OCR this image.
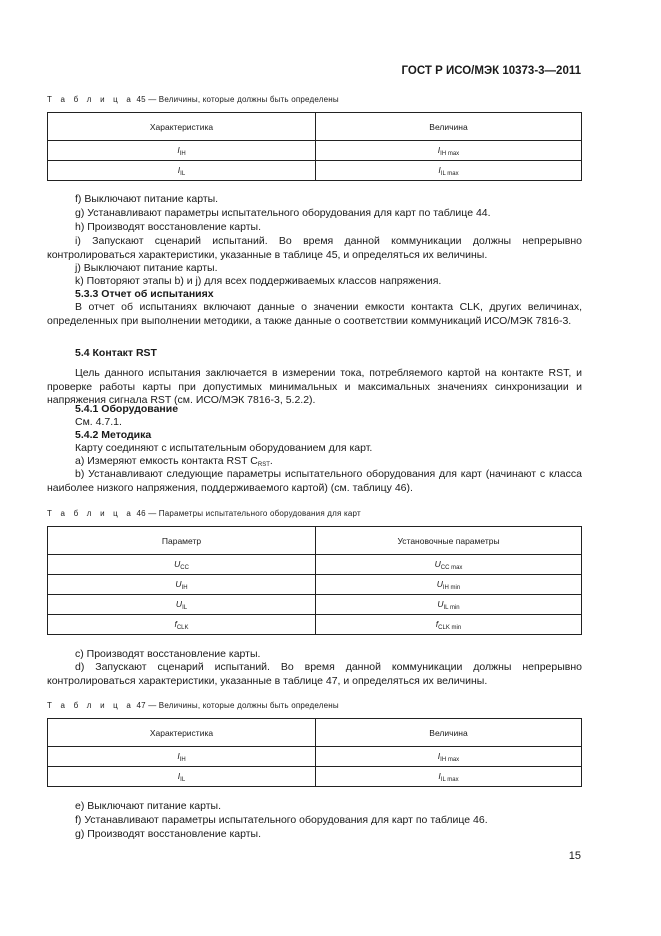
ГОСТ Р ИСО/МЭК 10373-3—2011
Т а б л и ц а 45 — Величины, которые должны быть определены
Характеристика	Величина
$I_{IH}$	$I_{IH max}$
$I_{IL}$	$I_{IL max}$
f) Выключают питание карты.
g) Устанавливают параметры испытательного оборудования для карт по таблице 44.
h) Производят восстановление карты.
i) Запускают сценарий испытаний. Во время данной коммуникации должны непрерывно контролироваться характеристики, указанные в таблице 45, и определяться их величины.
j) Выключают питание карты.
k) Повторяют этапы b) и j) для всех поддерживаемых классов напряжения.
5.3.3 Отчет об испытаниях
В отчет об испытаниях включают данные о значении емкости контакта CLK, других величинах, определенных при выполнении методики, а также данные о соответствии коммуникаций ИСО/МЭК 7816-3.
5.4 Контакт RST
Цель данного испытания заключается в измерении тока, потребляемого картой на контакте RST, и проверке работы карты при допустимых минимальных и максимальных значениях синхронизации и напряжения сигнала RST (см. ИСО/МЭК 7816-3, 5.2.2).
5.4.1 Оборудование
См. 4.7.1.
5.4.2 Методика
Карту соединяют с испытательным оборудованием для карт.
a) Измеряют емкость контакта RST $C_{RST}$.
b) Устанавливают следующие параметры испытательного оборудования для карт (начинают с класса наиболее низкого напряжения, поддерживаемого картой) (см. таблицу 46).
Т а б л и ц а 46 — Параметры испытательного оборудования для карт
Параметр	Установочные параметры
$U_{CC}$	$U_{CC max}$
$U_{IH}$	$U_{IH min}$
$U_{IL}$	$U_{IL min}$
$f_{CLK}$	$f_{CLK min}$
c) Производят восстановление карты.
d) Запускают сценарий испытаний. Во время данной коммуникации должны непрерывно контролироваться характеристики, указанные в таблице 47, и определяться их величины.
Т а б л и ц а 47 — Величины, которые должны быть определены
Характеристика	Величина
$I_{IH}$	$I_{IH max}$
$I_{IL}$	$I_{IL max}$
e) Выключают питание карты.
f) Устанавливают параметры испытательного оборудования для карт по таблице 46.
g) Производят восстановление карты.
15
